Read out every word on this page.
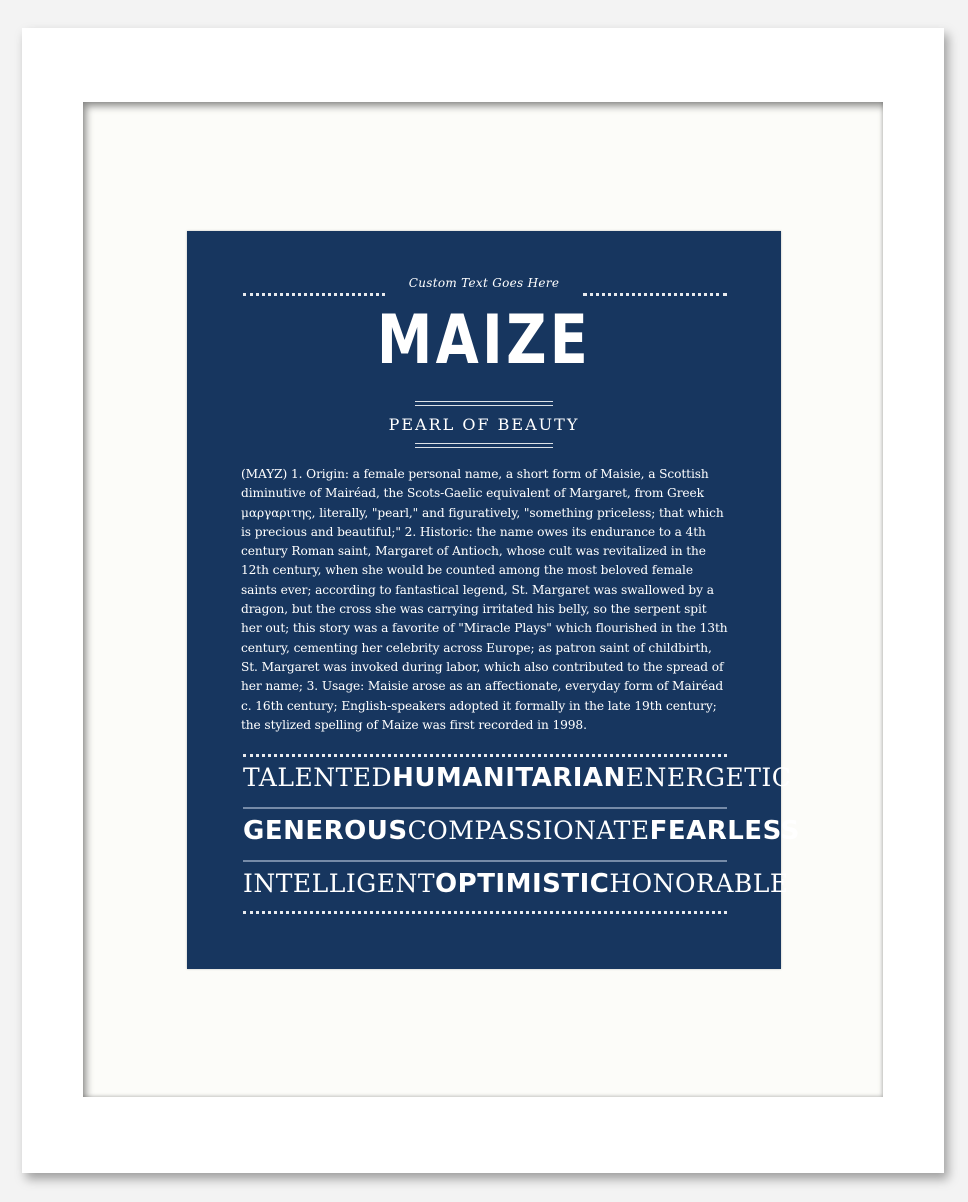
Custom Text Goes Here
MAIZE
PEARL OF BEAUTY
(MAYZ) 1. Origin: a female personal name, a short form of Maisie, a Scottish diminutive of Mairéad, the Scots-Gaelic equivalent of Margaret, from Greek μαργαριτης, literally, "pearl," and figuratively, "something priceless; that which is precious and beautiful;" 2. Historic: the name owes its endurance to a 4th century Roman saint, Margaret of Antioch, whose cult was revitalized in the 12th century, when she would be counted among the most beloved female saints ever; according to fantastical legend, St. Margaret was swallowed by a dragon, but the cross she was carrying irritated his belly, so the serpent spit her out; this story was a favorite of "Miracle Plays" which flourished in the 13th century, cementing her celebrity across Europe; as patron saint of childbirth, St. Margaret was invoked during labor, which also contributed to the spread of her name; 3. Usage: Maisie arose as an affectionate, everyday form of Mairéad c. 16th century; English-speakers adopted it formally in the late 19th century; the stylized spelling of Maize was first recorded in 1998.
TALENTED HUMANITARIAN ENERGETIC
GENEROUS COMPASSIONATE FEARLESS
INTELLIGENT OPTIMISTIC HONORABLE
